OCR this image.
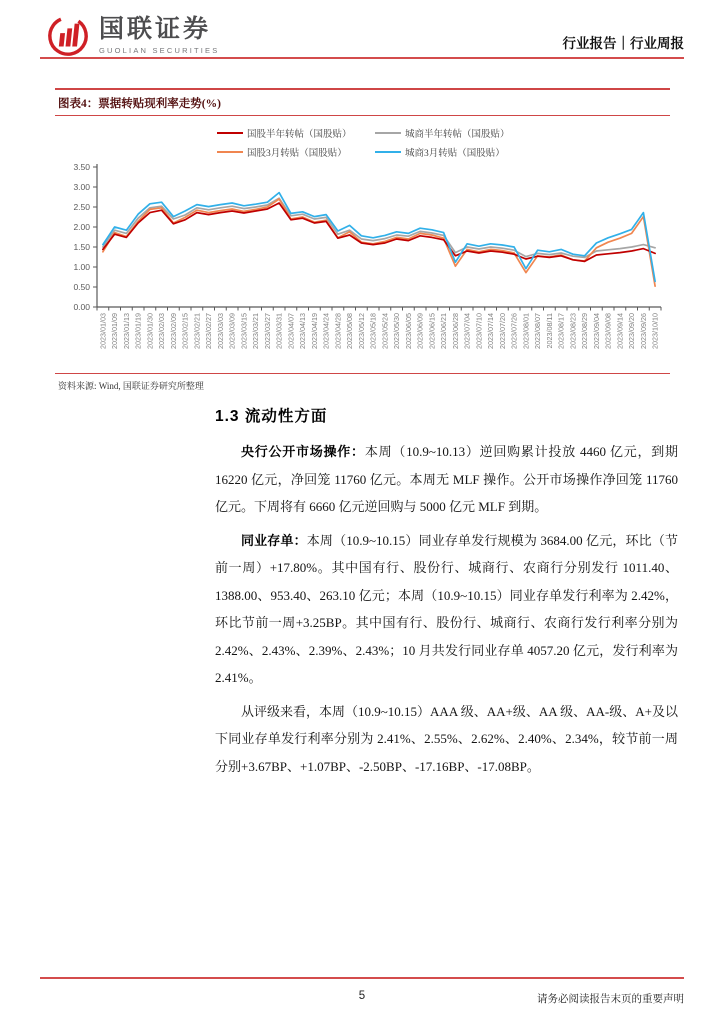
国联证券
GUOLIAN SECURITIES	行业报告｜行业周报
图表4：票据转贴现利率走势(%)
国股半年转帖（国股贴）	城商半年转帖（国股贴）
国股3月转贴（国股贴）	城商3月转贴（国股贴）
3.50
3.00
2.50
2.00
1.50
1.00
0.50
0.00
2023/01/03 2023/01/09 2023/01/13 2023/01/19 2023/01/30 2023/02/03 2023/02/09 2023/02/15 2023/02/21 2023/02/27 2023/03/03 2023/03/09 2023/03/15 2023/03/21 2023/03/27 2023/03/31 2023/04/07 2023/04/13 2023/04/19 2023/04/24 2023/04/28 2023/05/08 2023/05/12 2023/05/18 2023/05/24 2023/05/30 2023/06/05 2023/06/09 2023/06/15 2023/06/21 2023/06/28 2023/07/04 2023/07/10 2023/07/14 2023/07/20 2023/07/26 2023/08/01 2023/08/07 2023/08/11 2023/08/17 2023/08/23 2023/08/29 2023/09/04 2023/09/08 2023/09/14 2023/09/20 2023/09/26 2023/10/10
资料来源: Wind, 国联证券研究所整理
1.3 流动性方面

央行公开市场操作：本周（10.9~10.13）逆回购累计投放 4460 亿元，到期 16220 亿元，净回笼 11760 亿元。本周无 MLF 操作。公开市场操作净回笼 11760 亿元。下周将有 6660 亿元逆回购与 5000 亿元 MLF 到期。

同业存单：本周（10.9~10.15）同业存单发行规模为 3684.00 亿元，环比（节前一周）+17.80%。其中国有行、股份行、城商行、农商行分别发行 1011.40、1388.00、953.40、263.10 亿元；本周（10.9~10.15）同业存单发行利率为 2.42%，环比节前一周+3.25BP。其中国有行、股份行、城商行、农商行发行利率分别为 2.42%、2.43%、2.39%、2.43%；10 月共发行同业存单 4057.20 亿元，发行利率为 2.41%。

从评级来看，本周（10.9~10.15）AAA 级、AA+级、AA 级、AA-级、A+及以下同业存单发行利率分别为 2.41%、2.55%、2.62%、2.40%、2.34%，较节前一周分别+3.67BP、+1.07BP、-2.50BP、-17.16BP、-17.08BP。

5	请务必阅读报告末页的重要声明
